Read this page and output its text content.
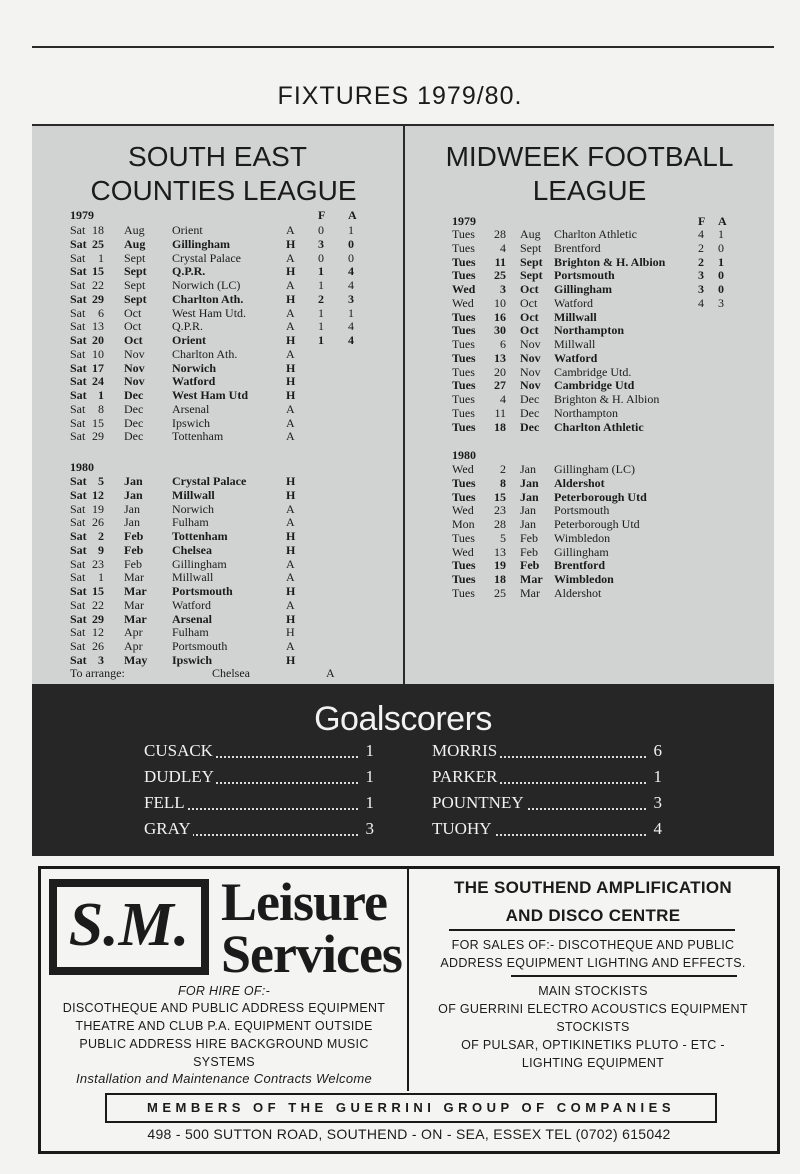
FIXTURES 1979/80.
SOUTH EAST
COUNTIES LEAGUE
1979	F A
Sat 18 Aug Orient	A 0 1
Sat 25 Aug Gillingham	H 3 0
Sat	1 Sept Crystal Palace	A 0 0
Sat 15 Sept Q.P.R.	H 1 4
Sat 22 Sept Norwich (LC)	A 1 4
Sat 29 Sept Charlton Ath.	H 2 3
Sat	6 Oct	West Ham Utd.	A 1 1
Sat 13 Oct	Q.P.R.	A 1 4
Sat 20 Oct Orient	H 1 4
Sat 10 Nov Charlton Ath.	A
Sat 17 Nov Norwich	H
Sat 24 Nov Watford	H
Sat 1 Dec West Ham Utd	H
Sat	8 Dec Arsenal	A
Sat 15 Dec Ipswich	A
Sat 29 Dec Tottenham	A
1980
Sat 5 Jan Crystal Palace	H
Sat 12 Jan Millwall	H
Sat 19 Jan	Norwich	A
Sat 26 Jan	Fulham	A
Sat 2 Feb Tottenham	H
Sat 9 Feb Chelsea	H
Sat 23 Feb	Gillingham	A
Sat	1 Mar Millwall	A
Sat 15 Mar Portsmouth	H
Sat 22 Mar Watford	A
Sat 29 Mar Arsenal	H
Sat 12 Apr Fulham	H
Sat 26 Apr Portsmouth	A
Sat 3 May Ipswich	H
To arrange:	Chelsea	A
MIDWEEK FOOTBALL
LEAGUE
1979	F A
Tues 28 Aug Charlton Athletic	4 1
Tues	4 Sept Brentford	2 0
Tues 11 Sept Brighton & H. Albion	2 1
Tues 25 Sept Portsmouth	3 0
Wed	3 Oct Gillingham	3 0
Wed 10 Oct Watford	4 3
Tues 16 Oct Millwall
Tues 30 Oct Northampton
Tues	6 Nov Millwall
Tues 13 Nov Watford
Tues 20 Nov Cambridge Utd.
Tues 27 Nov Cambridge Utd
Tues	4 Dec Brighton & H. Albion
Tues 11 Dec Northampton
Tues 18 Dec Charlton Athletic
1980
Wed	2 Jan Gillingham (LC)
Tues	8 Jan Aldershot
Tues 15 Jan Peterborough Utd
Wed 23 Jan Portsmouth
Mon 28 Jan Peterborough Utd
Tues	5 Feb Wimbledon
Wed 13 Feb Gillingham
Tues 19 Feb Brentford
Tues 18 Mar Wimbledon
Tues 25 Mar Aldershot
Goalscorers
CUSACK	1
DUDLEY	1
FELL	1
GRAY	3
MORRIS	6
PARKER	1
POUNTNEY	3
TUOHY	4
S.M. Leisure
Services
FOR HIRE OF:-
DISCOTHEQUE AND PUBLIC ADDRESS EQUIPMENT
THEATRE AND CLUB P.A. EQUIPMENT OUTSIDE
PUBLIC ADDRESS HIRE BACKGROUND MUSIC
SYSTEMS
Installation and Maintenance Contracts Welcome
THE SOUTHEND AMPLIFICATION
AND DISCO CENTRE
FOR SALES OF:- DISCOTHEQUE AND PUBLIC
ADDRESS EQUIPMENT LIGHTING AND EFFECTS.
MAIN STOCKISTS
OF GUERRINI ELECTRO ACOUSTICS EQUIPMENT
STOCKISTS
OF PULSAR, OPTIKINETIKS PLUTO - ETC -
LIGHTING EQUIPMENT
MEMBERS OF THE GUERRINI GROUP OF COMPANIES
498 - 500 SUTTON ROAD, SOUTHEND - ON - SEA, ESSEX TEL (0702) 615042
